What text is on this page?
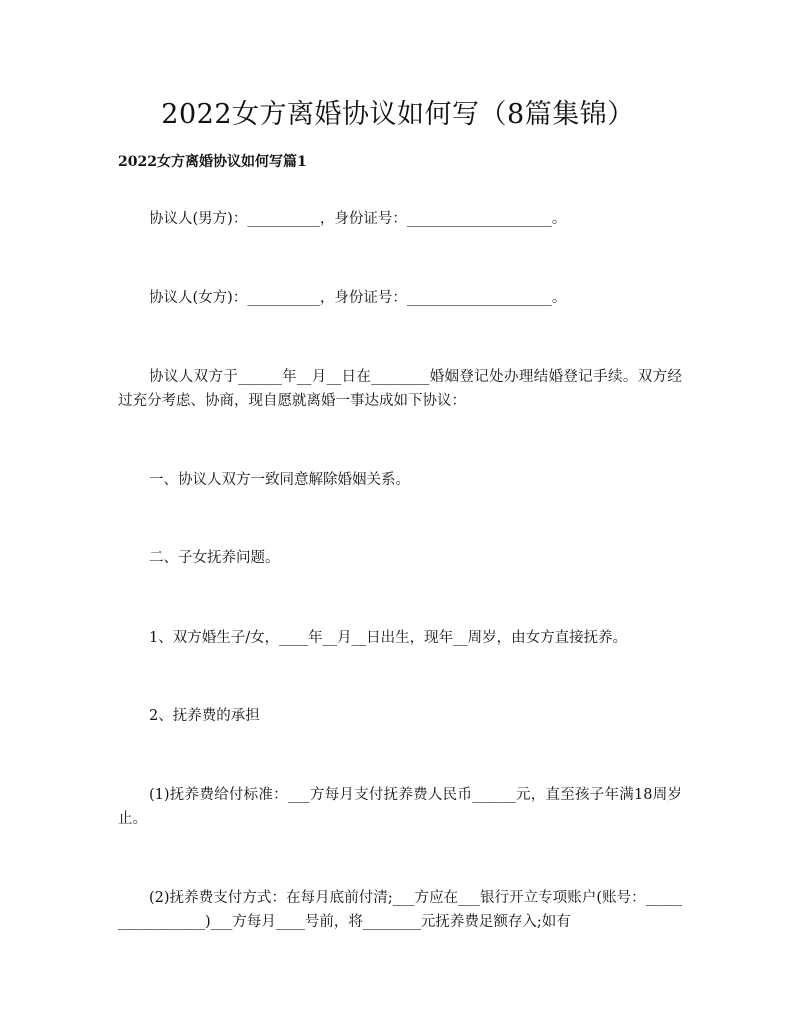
2022女方离婚协议如何写（8篇集锦）
2022女方离婚协议如何写篇1

协议人(男方)：__________，身份证号：____________________。

协议人(女方)：__________，身份证号：____________________。

协议人双方于______年__月__日在________婚姻登记处办理结婚登记手续。双方经过充分考虑、协商，现自愿就离婚一事达成如下协议：

一、协议人双方一致同意解除婚姻关系。

二、子女抚养问题。

1、双方婚生子/女，____年__月__日出生，现年__周岁，由女方直接抚养。

2、抚养费的承担

(1)抚养费给付标准：___方每月支付抚养费人民币______元，直至孩子年满18周岁止。

(2)抚养费支付方式：在每月底前付清;___方应在___银行开立专项账户(账号：_________________)___方每月____号前，将________元抚养费足额存入;如有
